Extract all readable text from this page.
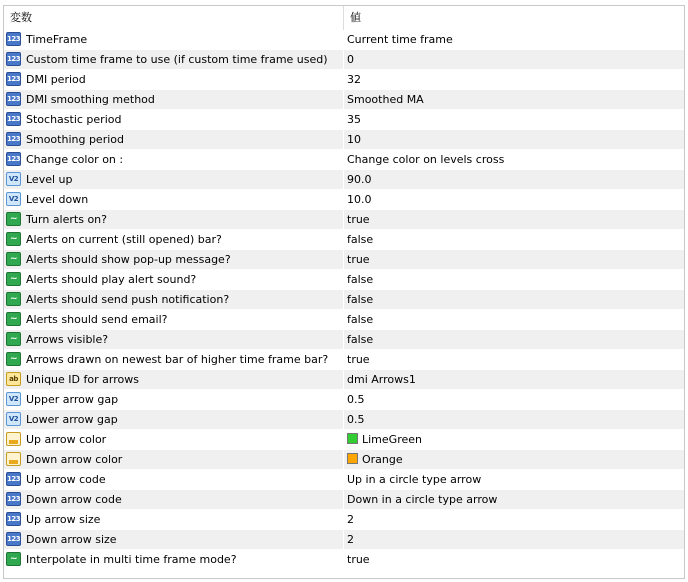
変数	値
123 TimeFrame	Current time frame
123 Custom time frame to use (if custom time frame used)	0
123 DMI period	32
123 DMI smoothing method	Smoothed MA
123 Stochastic period	35
123 Smoothing period	10
123 Change color on :	Change color on levels cross
V2 Level up	90.0
V2 Level down	10.0
~ Turn alerts on?	true
~ Alerts on current (still opened) bar?	false
~ Alerts should show pop-up message?	true
~ Alerts should play alert sound?	false
~ Alerts should send push notification?	false
~ Alerts should send email?	false
~ Arrows visible?	false
~ Arrows drawn on newest bar of higher time frame bar?	true
ab Unique ID for arrows	dmi Arrows1
V2 Upper arrow gap	0.5
V2 Lower arrow gap	0.5
Up arrow color	LimeGreen
Down arrow color	Orange
123 Up arrow code	Up in a circle type arrow
123 Down arrow code	Down in a circle type arrow
123 Up arrow size	2
123 Down arrow size	2
~ Interpolate in multi time frame mode?	true
